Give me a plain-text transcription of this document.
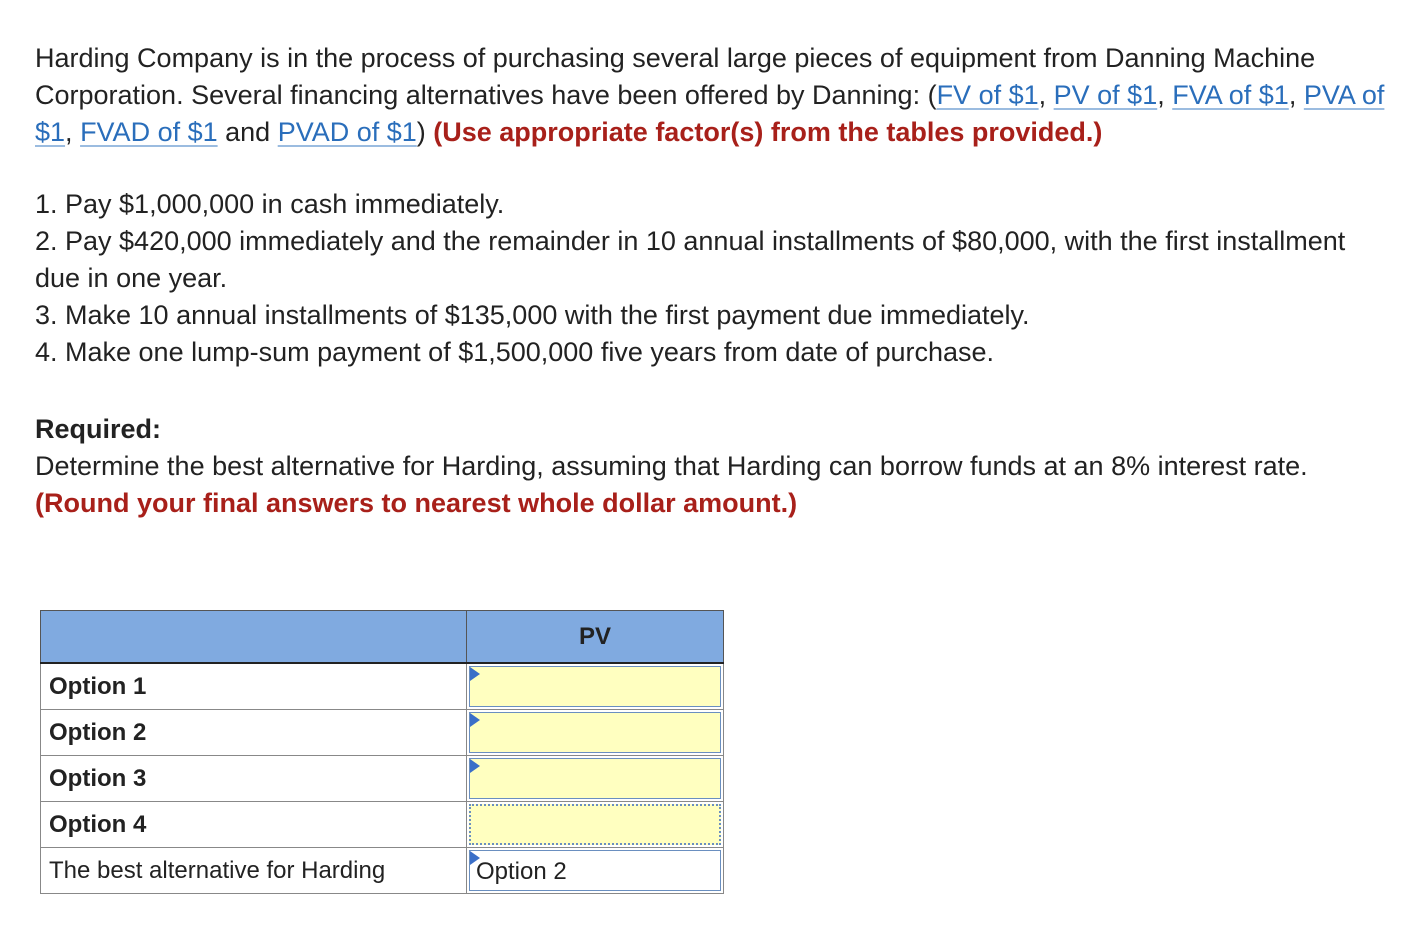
Harding Company is in the process of purchasing several large pieces of equipment from Danning Machine Corporation. Several financing alternatives have been offered by Danning: (FV of $1, PV of $1, FVA of $1, PVA of $1, FVAD of $1 and PVAD of $1) (Use appropriate factor(s) from the tables provided.)

1. Pay $1,000,000 in cash immediately.
2. Pay $420,000 immediately and the remainder in 10 annual installments of $80,000, with the first installment due in one year.
3. Make 10 annual installments of $135,000 with the first payment due immediately.
4. Make one lump-sum payment of $1,500,000 five years from date of purchase.
Required:

Determine the best alternative for Harding, assuming that Harding can borrow funds at an 8% interest rate. (Round your final answers to nearest whole dollar amount.)

	PV
Option 1	

Option 2	

Option 3	

Option 4	

The best alternative for Harding	Option 2
